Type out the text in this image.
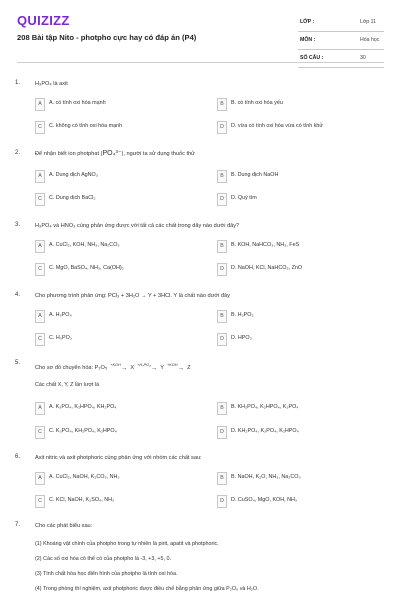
QUIZIZZ
208 Bài tập Nito - photpho cực hay có đáp án (P4)
LỚP :	Lớp 11
MÔN :	Hóa học
SỐ CÂU :	30
1.	H₃PO₄ là axit
A	A. có tính oxi hóa mạnh	B	B. có tính oxi hóa yếu
C	C. không có tính oxi hóa mạnh	D	D. vừa có tính oxi hóa vừa có tính khử
2.	Để nhận biết ion photphat (PO₄³⁻), người ta sử dụng thuốc thử
A	A. Dung dịch AgNO₃	B	B. Dung dịch NaOH
C	C. Dung dịch BaCl₂	D	D. Quỳ tím
3.	H₃PO₄ và HNO₃ cùng phản ứng được với tất cả các chất trong dãy nào dưới đây?
A	A. CuCl₂, KOH, NH₃, Na₂CO₃	B	B. KOH, NaHCO₃, NH₃, FeS
C	C. MgO, BaSO₄, NH₃, Ca(OH)₂	D	D. NaOH, KCl, NaHCO₃, ZnO
4.	Cho phương trình phản ứng: PCl₃ + 3H₂O → Y + 3HCl. Y là chất nào dưới đây
A	A. H₃PO₄	B	B. H₃PO₂
C	C. H₃PO₃	D	D. HPO₃
5.
Cho sơ đồ chuyển hóa: P₂O₅ $^{+KOH}$→ X $^{+H_3PO_4}$→ Y $^{+KOH}$→ Z
Các chất X, Y, Z lần lượt là
A	A. K₃PO₄, K₂HPO₄, KH₂PO₄	B	B. KH₂PO₄, K₂HPO₄, K₃PO₄
C	C. K₃PO₄, KH₂PO₄, K₂HPO₄	D	D. KH₂PO₄, K₃PO₄, K₂HPO₄
6.	Axit nitric và axit photphoric cùng phản ứng với nhóm các chất sau:
A	A. CuCl₂, NaOH, K₂CO₃, NH₃	B	B. NaOH, K₂O, NH₃, Na₂CO₃
C	C. KCl, NaOH, K₂SO₄, NH₃	D	D. CuSO₄, MgO, KOH, NH₃
7.	Cho các phát biểu sau:
(1) Khoáng vật chính của photpho trong tự nhiên là pirit, apatit và photphoric.
(2) Các số oxi hóa có thể có của photpho là -3, +3, +5, 0.
(3) Tính chất hóa học điển hình của photpho là tính oxi hóa.
(4) Trong phòng thí nghiệm, axit photphoric được điều chế bằng phản ứng giữa P₂O₅ và H₂O.
